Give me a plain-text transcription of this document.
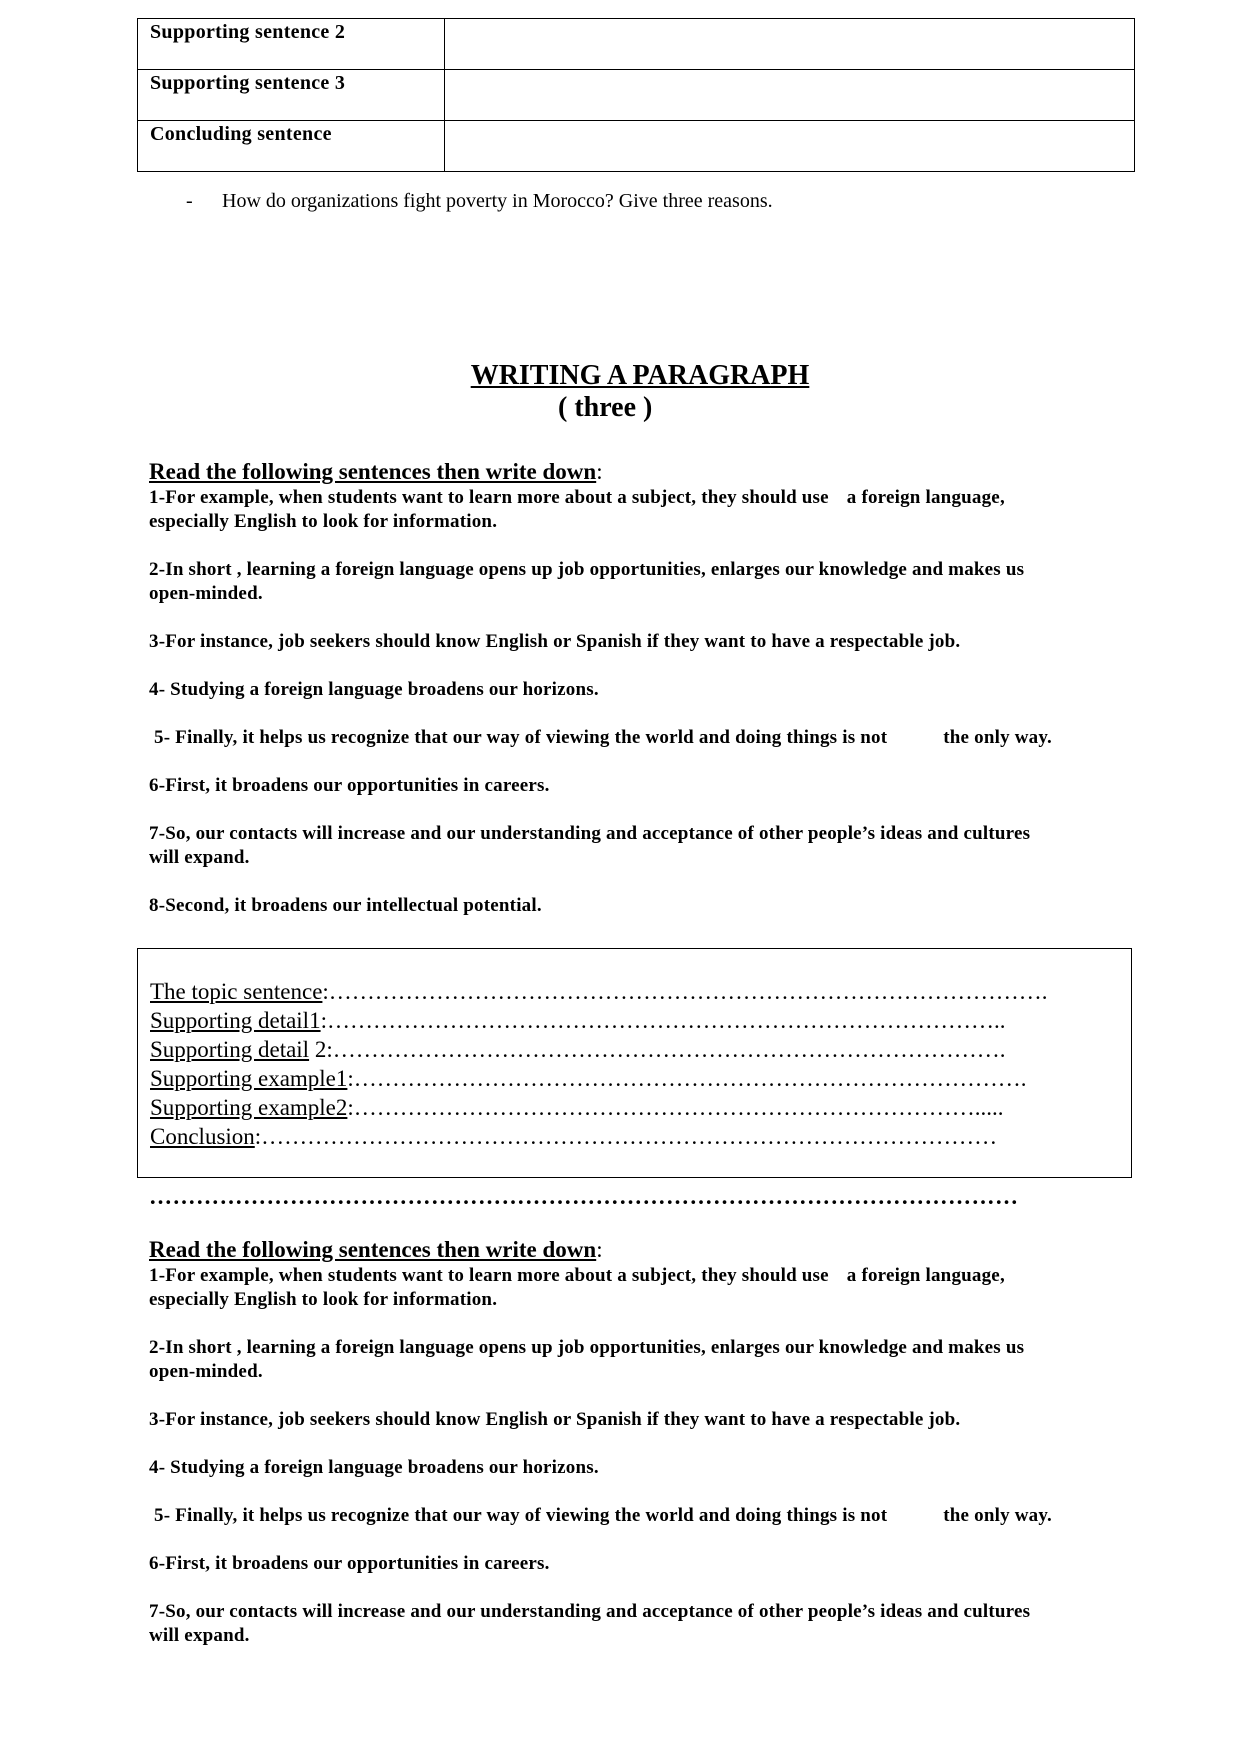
Supporting sentence 2	
Supporting sentence 3	
Concluding sentence	
-	How do organizations fight poverty in Morocco? Give three reasons.
WRITING A PARAGRAPH
( three )

Read the following sentences then write down:

1-For example, when students want to learn more about a subject, they should use a foreign language,
especially English to look for information.

2-In short , learning a foreign language opens up job opportunities, enlarges our knowledge and makes us
open-minded.

3-For instance, job seekers should know English or Spanish if they want to have a respectable job.

4- Studying a foreign language broadens our horizons.

5- Finally, it helps us recognize that our way of viewing the world and doing things is not	the only way.

6-First, it broadens our opportunities in careers.

7-So, our contacts will increase and our understanding and acceptance of other people’s ideas and cultures
will expand.

8-Second, it broadens our intellectual potential.

The topic sentence:………………………………………………………………………………….
Supporting detail1:……………………………………………………………………………..
Supporting detail 2:…………………………………………………………………………….
Supporting example1:…………………………………………………………………………….
Supporting example2:……………………………………………………………………….....
Conclusion:……………………………………………………………………………………
…………………………………………………………………………………………………

Read the following sentences then write down:

1-For example, when students want to learn more about a subject, they should use a foreign language,
especially English to look for information.

2-In short , learning a foreign language opens up job opportunities, enlarges our knowledge and makes us
open-minded.

3-For instance, job seekers should know English or Spanish if they want to have a respectable job.

4- Studying a foreign language broadens our horizons.

5- Finally, it helps us recognize that our way of viewing the world and doing things is not	the only way.

6-First, it broadens our opportunities in careers.

7-So, our contacts will increase and our understanding and acceptance of other people’s ideas and cultures
will expand.
